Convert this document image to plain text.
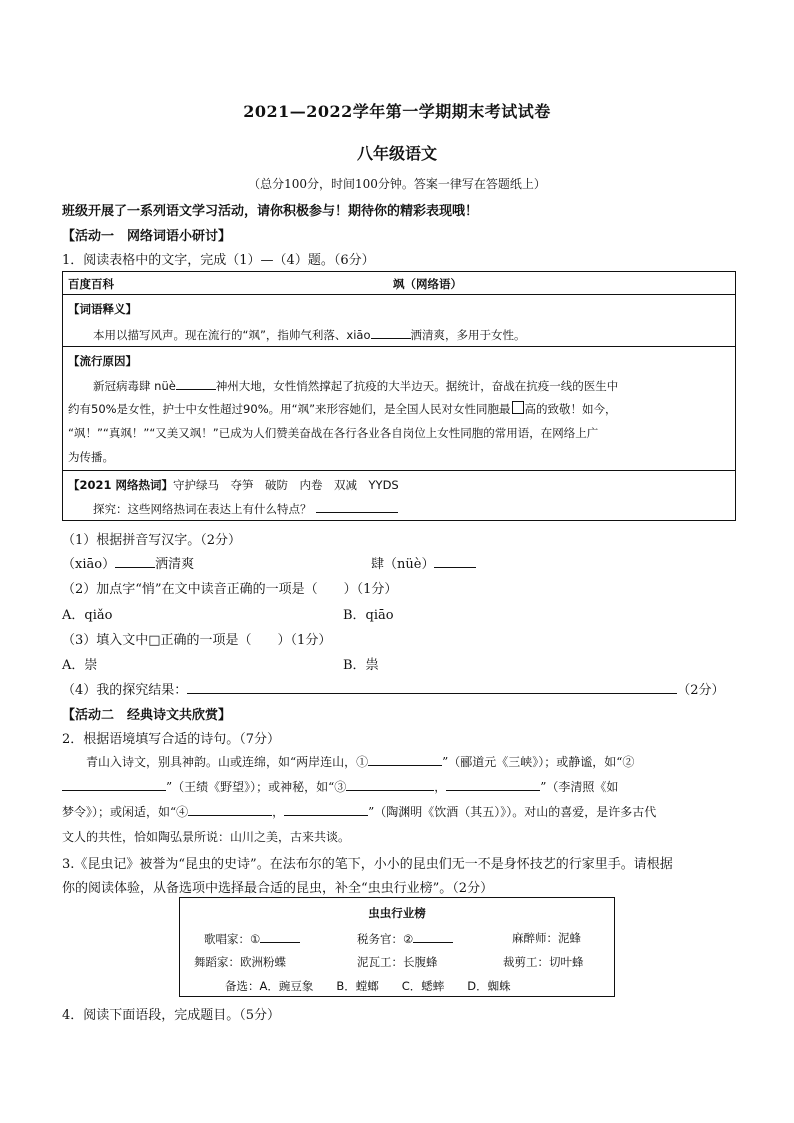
2021—2022学年第一学期期末考试试卷
八年级语文
（总分100分，时间100分钟。答案一律写在答题纸上）
班级开展了一系列语文学习活动，请你积极参与！期待你的精彩表现哦！
【活动一　网络词语小研讨】
1．阅读表格中的文字，完成（1）—（4）题。（6分）
百度百科	飒（网络语）
【词语释义】
本用以描写风声。现在流行的“飒”，指帅气利落、xiāo	洒清爽，多用于女性。
【流行原因】
新冠病毒肆 nüè	神州大地，女性悄然撑起了抗疫的大半边天。据统计，奋战在抗疫一线的医生中
约有50%是女性，护士中女性超过90%。用“飒”来形容她们，是全国人民对女性同胞最 高的致敬！如今，
“飒！”“真飒！”“又美又飒！”已成为人们赞美奋战在各行各业各自岗位上女性同胞的常用语，在网络上广
为传播。
【2021 网络热词】守护绿马　夺笋　破防　内卷　双减　YYDS
探究：这些网络热词在表达上有什么特点？
（1）根据拼音写汉字。（2分）
（xiāo）	洒清爽	肆（nüè）
（2）加点字“悄”在文中读音正确的一项是（　　）（1分）
A．qiǎo	B．qiāo
（3）填入文中□正确的一项是（　　）（1分）
A．崇	B．祟
（4）我的探究结果：	（2分）
【活动二　经典诗文共欣赏】
2．根据语境填写合适的诗句。（7分）
青山入诗文，别具神韵。山或连绵，如“两岸连山，①	”（郦道元《三峡》）；或静谧，如“②
”（王绩《野望》）；或神秘，如“③	，	”（李清照《如
梦令》）；或闲适，如“④	，	”（陶渊明《饮酒（其五）》）。对山的喜爱，是许多古代
文人的共性，恰如陶弘景所说：山川之美，古来共谈。
3.《昆虫记》被誉为“昆虫的史诗”。在法布尔的笔下，小小的昆虫们无一不是身怀技艺的行家里手。请根据
你的阅读体验，从备选项中选择最合适的昆虫，补全“虫虫行业榜”。（2分）
虫虫行业榜
歌唱家：①	税务官：②	麻醉师：泥蜂
舞蹈家：欧洲粉蝶	泥瓦工：长腹蜂	裁剪工：切叶蜂
备选：A．豌豆象　　B．螳螂　　C．蟋蟀　　D．蜘蛛
4．阅读下面语段，完成题目。（5分）
